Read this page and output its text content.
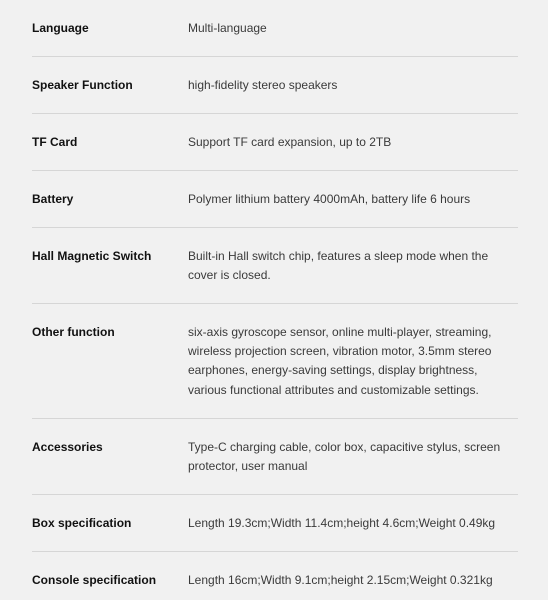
Language	Multi-language
Speaker Function	high-fidelity stereo speakers
TF Card	Support TF card expansion, up to 2TB
Battery	Polymer lithium battery 4000mAh, battery life 6 hours
Hall Magnetic Switch	Built-in Hall switch chip, features a sleep mode when the cover is closed.
Other function	six-axis gyroscope sensor, online multi-player, streaming, wireless projection screen, vibration motor, 3.5mm stereo earphones, energy-saving settings, display brightness, various functional attributes and customizable settings.
Accessories	Type-C charging cable, color box, capacitive stylus, screen protector, user manual
Box specification	Length 19.3cm;Width 11.4cm;height 4.6cm;Weight 0.49kg
Console specification	Length 16cm;Width 9.1cm;height 2.15cm;Weight 0.321kg
